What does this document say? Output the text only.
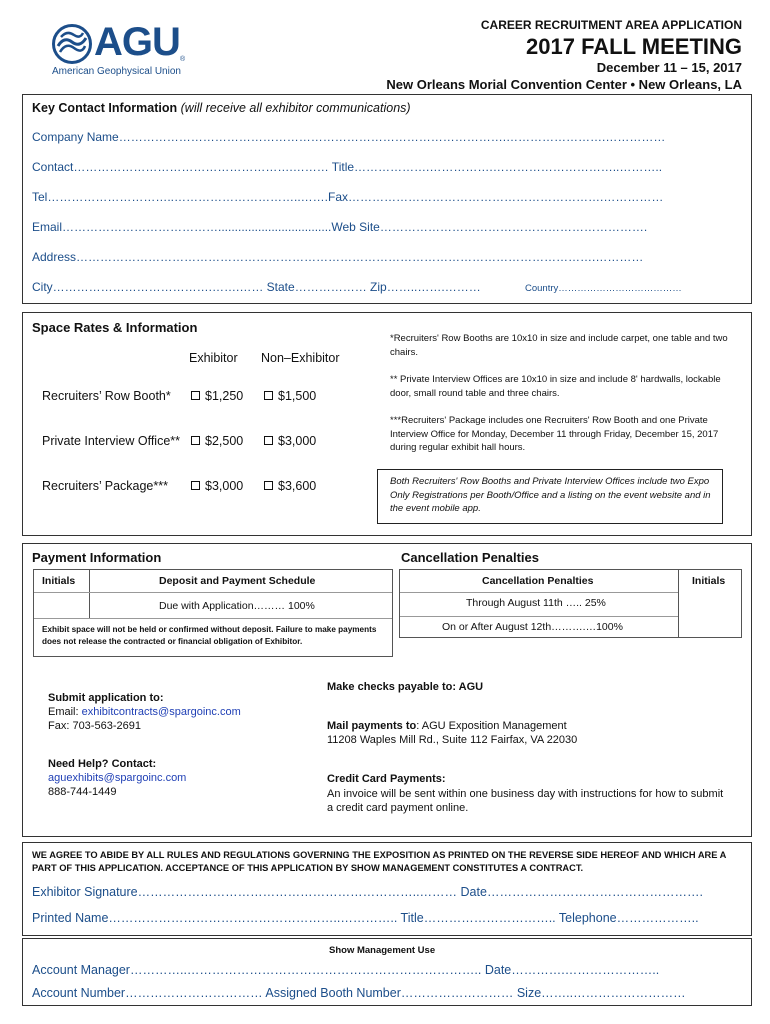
AGU ®
American Geophysical Union
CAREER RECRUITMENT AREA APPLICATION
2017 FALL MEETING
December 11 – 15, 2017
New Orleans Morial Convention Center • New Orleans, LA
Key Contact Information (will receive all exhibitor communications)
Company Name…………………………………………………………………………………….…………………….……………
Contact……………………………………………….……… Title……………….…………….…………………………..………..
Tel…………………………..…………………………..…….Fax……………………………………………………….……………
Email…………………………………..................................Web Site………………………………………………………….
Address………………………………………………………………………………………………………………….…………
City………………………………….…….…… State……………… Zip……..…….………	Country…………………………………
Space Rates & Information
Exhibitor Non–Exhibitor
Recruiters’ Row Booth*	$1,250	$1,500
Private Interview Office**	$2,500	$3,000
Recruiters’ Package***	$3,000	$3,600
*Recruiters' Row Booths are 10x10 in size and include carpet, one table and two chairs.
** Private Interview Offices are 10x10 in size and include 8' hardwalls, lockable door, small round table and three chairs.
***Recruiters' Package includes one Recruiters' Row Booth and one Private Interview Office for Monday, December 11 through Friday, December 15, 2017 during regular exhibit hall hours.
Both Recruiters' Row Booths and Private Interview Offices include two Expo Only Registrations per Booth/Office and a listing on the event website and in the event mobile app.
Payment Information	Cancellation Penalties
Initials	Deposit and Payment Schedule
Due with Application……… 100%
Exhibit space will not be held or confirmed without deposit. Failure to make payments does not release the contracted or financial obligation of Exhibitor.
Cancellation Penalties	Initials
Through August 11th ….. 25%
On or After August 12th……….…100%
Submit application to:
Email: exhibitcontracts@spargoinc.com
Fax: 703-563-2691
Need Help? Contact:
aguexhibits@spargoinc.com
888-744-1449
Make checks payable to: AGU
Mail payments to: AGU Exposition Management
11208 Waples Mill Rd., Suite 112 Fairfax, VA 22030
Credit Card Payments:
An invoice will be sent within one business day with instructions for how to submit a credit card payment online.
WE AGREE TO ABIDE BY ALL RULES AND REGULATIONS GOVERNING THE EXPOSITION AS PRINTED ON THE REVERSE SIDE HEREOF AND WHICH ARE A PART OF THIS APPLICATION. ACCEPTANCE OF THIS APPLICATION BY SHOW MANAGEMENT CONSTITUTES A CONTRACT.
Exhibitor Signature…………………………………………………………..……… Date…………………………………………….
Printed Name………………………………………………..………….. Title………………………….. Telephone………………..
Show Management Use
Account Manager…………..…………………………………………………………….. Date………….…………………..
Account Number…………………………… Assigned Booth Number……………………… Size……..………………………
